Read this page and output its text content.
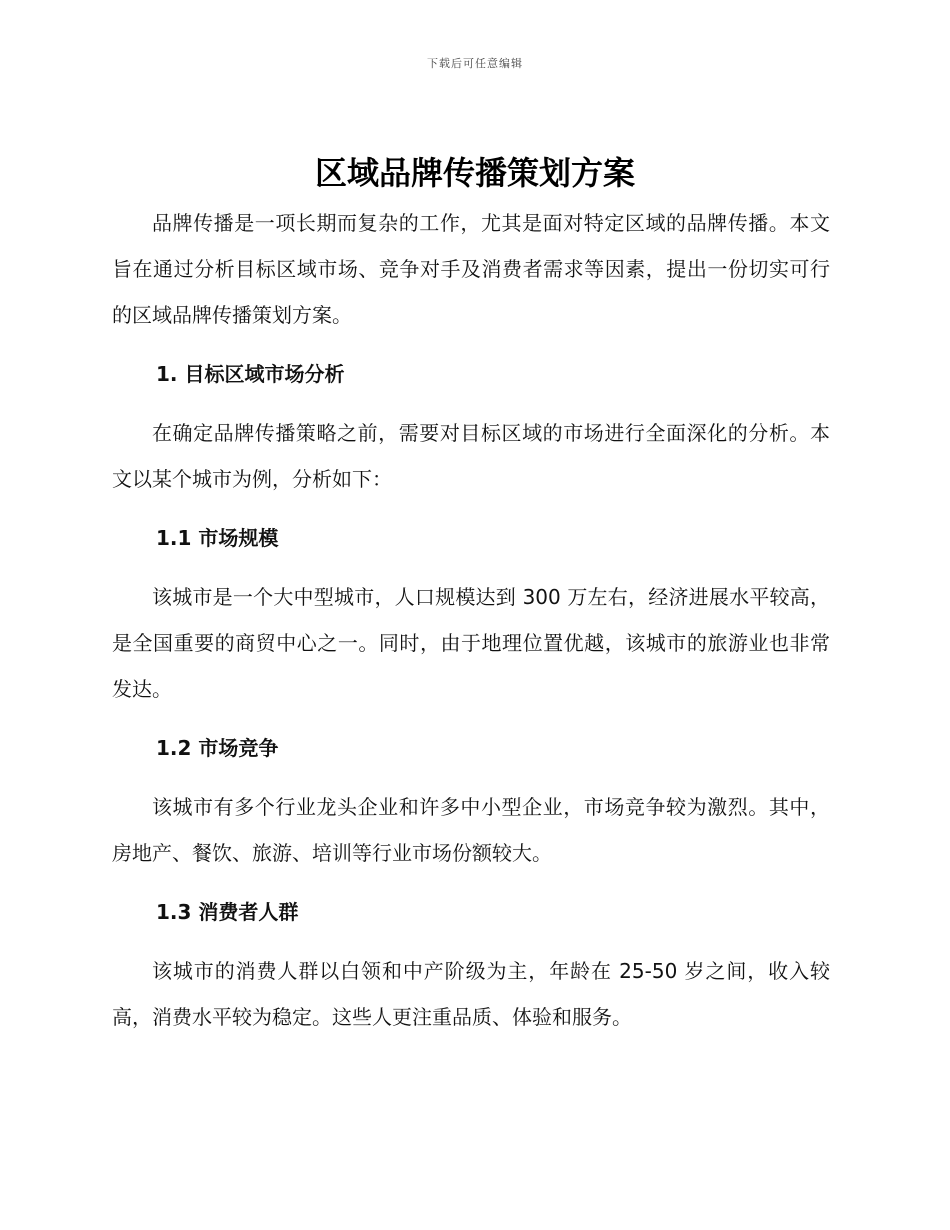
下载后可任意编辑
区域品牌传播策划方案

品牌传播是一项长期而复杂的工作，尤其是面对特定区域的品牌传播。本文旨在通过分析目标区域市场、竞争对手及消费者需求等因素，提出一份切实可行的区域品牌传播策划方案。

1. 目标区域市场分析

在确定品牌传播策略之前，需要对目标区域的市场进行全面深化的分析。本文以某个城市为例，分析如下：

1.1 市场规模

该城市是一个大中型城市，人口规模达到 300 万左右，经济进展水平较高，是全国重要的商贸中心之一。同时，由于地理位置优越，该城市的旅游业也非常发达。

1.2 市场竞争

该城市有多个行业龙头企业和许多中小型企业，市场竞争较为激烈。其中，房地产、餐饮、旅游、培训等行业市场份额较大。

1.3 消费者人群

该城市的消费人群以白领和中产阶级为主，年龄在 25-50 岁之间，收入较高，消费水平较为稳定。这些人更注重品质、体验和服务。
